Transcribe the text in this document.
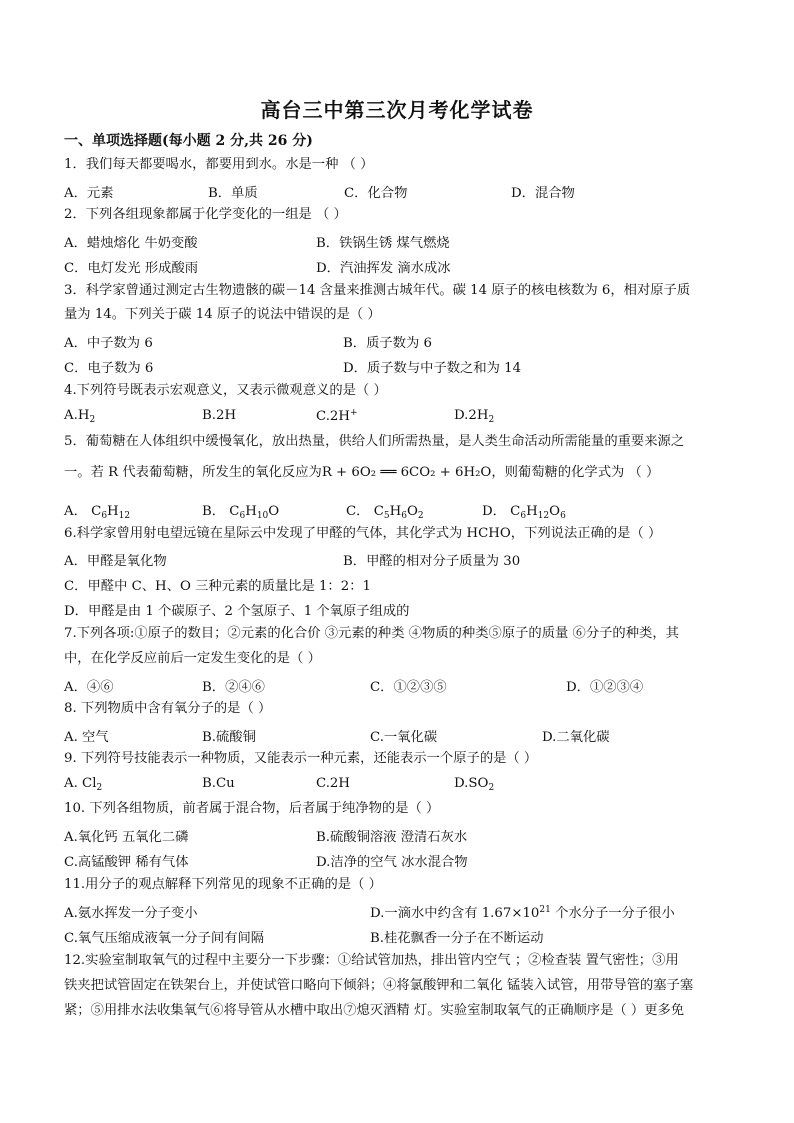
高台三中第三次月考化学试卷
一、单项选择题(每小题 2 分,共 26 分)
1．我们每天都要喝水，都要用到水。水是一种 （ ）
A．元素	B．单质	C．化合物	D．混合物
2．下列各组现象都属于化学变化的一组是 （ ）
A．蜡烛熔化 牛奶变酸	B．铁锅生锈 煤气燃烧
C．电灯发光 形成酸雨	D．汽油挥发 滴水成冰
3．科学家曾通过测定古生物遗骸的碳－14 含量来推测古城年代。碳 14 原子的核电核数为 6，相对原子质
量为 14。下列关于碳 14 原子的说法中错误的是（ ）
A．中子数为 6	B．质子数为 6
C．电子数为 6	D．质子数与中子数之和为 14
4.下列符号既表示宏观意义，又表示微观意义的是（ ）
$A.H_2$	B.2H	C.2H+	$D.2H_2$
5．葡萄糖在人体组织中缓慢氧化，放出热量，供给人们所需热量，是人类生命活动所需能量的重要来源之
一。若 R 代表葡萄糖，所发生的氧化反应为R + 6O₂ ══ 6CO₂ + 6H₂O，则葡萄糖的化学式为 （ ）
A． $C_6H_{12}$	B． $C_6H_{10}O$	C． $C_5H_6O_2$	D． $C_6H_{12}O_6$
6.科学家曾用射电望远镜在星际云中发现了甲醛的气体，其化学式为 HCHO，下列说法正确的是（ ）
A．甲醛是氧化物	B．甲醛的相对分子质量为 30
C．甲醛中 C、H、O 三种元素的质量比是 1：2：1
D．甲醛是由 1 个碳原子、2 个氢原子、1 个氧原子组成的
7.下列各项:①原子的数目；②元素的化合价 ③元素的种类 ④物质的种类⑤原子的质量 ⑥分子的种类，其
中，在化学反应前后一定发生变化的是（ ）
A．④⑥	B．②④⑥	C．①②③⑤	D．①②③④
8. 下列物质中含有氧分子的是（ ）
A. 空气	B.硫酸铜	C.一氧化碳	D.二氧化碳
9. 下列符号技能表示一种物质，又能表示一种元素，还能表示一个原子的是（ ）
A. $Cl_2$	B.Cu	C.2H	$D.SO_2$
10. 下列各组物质，前者属于混合物，后者属于纯净物的是（ ）
A.氧化钙 五氧化二磷	B.硫酸铜溶液 澄清石灰水
C.高锰酸钾 稀有气体	D.洁净的空气 冰水混合物
11.用分子的观点解释下列常见的现象不正确的是（ ）
A.氨水挥发一分子变小	D.一滴水中约含有 $1.67\times 10^{21}$ 个水分子一分子很小
C.氧气压缩成液氧一分子间有间隔	B.桂花飘香一分子在不断运动
12.实验室制取氧气的过程中主要分一下步骤：①给试管加热，排出管内空气 ；②检查装 置气密性；③用
铁夹把试管固定在铁架台上，并使试管口略向下倾斜；④将氯酸钾和二氧化 锰装入试管，用带导管的塞子塞
紧；⑤用排水法收集氧气⑥将导管从水槽中取出⑦熄灭酒精 灯。实验室制取氧气的正确顺序是（ ）更多免
